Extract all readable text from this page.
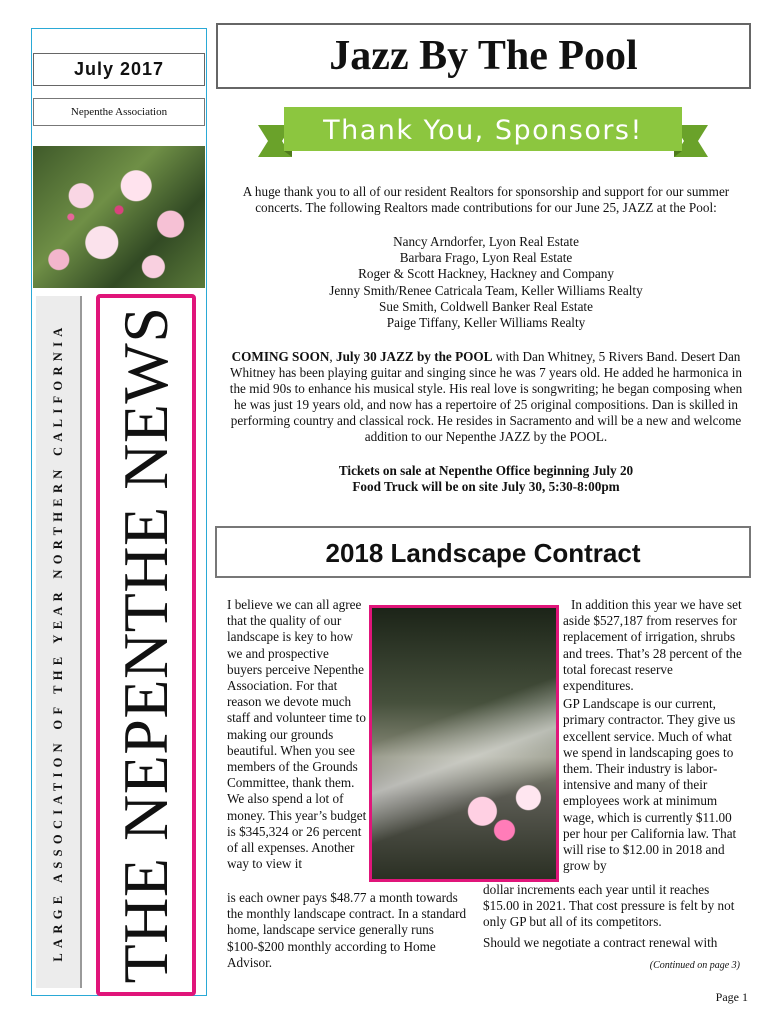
July 2017
Nepenthe Association
LARGE ASSOCIATION OF THE YEAR NORTHERN CALIFORNIA THE NEPENTHE NEWS
Jazz By The Pool
Thank You, Sponsors!
A huge thank you to all of our resident Realtors for sponsorship and support for our summer concerts. The following Realtors made contributions for our June 25, JAZZ at the Pool:
Nancy Arndorfer, Lyon Real Estate
Barbara Frago, Lyon Real Estate
Roger & Scott Hackney, Hackney and Company
Jenny Smith/Renee Catricala Team, Keller Williams Realty
Sue Smith, Coldwell Banker Real Estate
Paige Tiffany, Keller Williams Realty
COMING SOON, July 30 JAZZ by the POOL with Dan Whitney, 5 Rivers Band. Desert Dan Whitney has been playing guitar and singing since he was 7 years old. He added he harmonica in the mid 90s to enhance his musical style. His real love is songwriting; he began composing when he was just 19 years old, and now has a repertoire of 25 original compositions. Dan is skilled in performing country and classical rock. He resides in Sacramento and will be a new and welcome addition to our Nepenthe JAZZ by the POOL.
Tickets on sale at Nepenthe Office beginning July 20
Food Truck will be on site July 30, 5:30-8:00pm
2018 Landscape Contract
I believe we can all agree that the quality of our landscape is key to how we and prospective buyers perceive Nepenthe Association. For that reason we devote much staff and volunteer time to making our grounds beautiful. When you see members of the Grounds Committee, thank them. We also spend a lot of money. This year’s budget is $345,324 or 26 percent of all expenses. Another way to view it
is each owner pays $48.77 a month towards the monthly landscape contract. In a standard home, landscape service generally runs $100-$200 monthly according to Home Advisor.
In addition this year we have set aside $527,187 from reserves for replacement of irrigation, shrubs and trees. That’s 28 percent of the total forecast reserve expenditures.
GP Landscape is our current, primary contractor. They give us excellent service. Much of what we spend in landscaping goes to them. Their industry is labor-intensive and many of their employees work at minimum wage, which is currently $11.00 per hour per California law. That will rise to $12.00 in 2018 and grow by
dollar increments each year until it reaches $15.00 in 2021. That cost pressure is felt by not only GP but all of its competitors.
Should we negotiate a contract renewal with
(Continued on page 3)
Page 1
